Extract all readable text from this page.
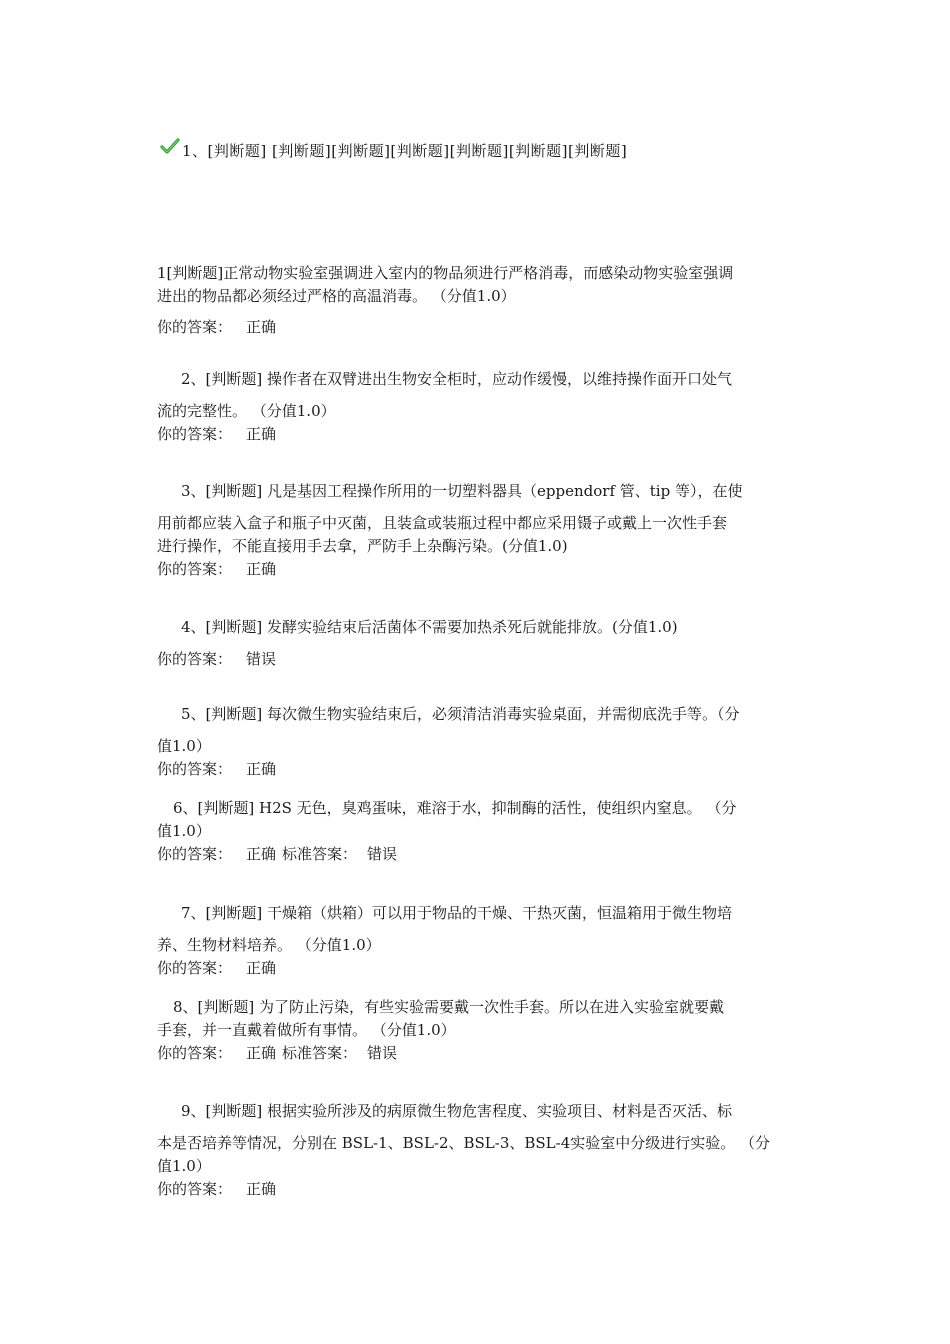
1、[判断题] [判断题][判断题][判断题][判断题][判断题][判断题]
1[判断题]正常动物实验室强调进入室内的物品须进行严格消毒，而感染动物实验室强调
进出的物品都必须经过严格的高温消毒。 （分值1.0）
你的答案： 正确
2、[判断题] 操作者在双臂进出生物安全柜时，应动作缓慢，以维持操作面开口处气
流的完整性。 （分值1.0）
你的答案： 正确
3、[判断题] 凡是基因工程操作所用的一切塑料器具（eppendorf 管、tip 等），在使
用前都应装入盒子和瓶子中灭菌，且装盒或装瓶过程中都应采用镊子或戴上一次性手套
进行操作，不能直接用手去拿，严防手上杂酶污染。(分值1.0)
你的答案： 正确
4、[判断题] 发酵实验结束后活菌体不需要加热杀死后就能排放。(分值1.0)
你的答案： 错误
5、[判断题] 每次微生物实验结束后，必须清洁消毒实验桌面，并需彻底洗手等。（分
值1.0）
你的答案： 正确
6、[判断题] H2S 无色，臭鸡蛋味，难溶于水，抑制酶的活性，使组织内窒息。 （分
值1.0）
你的答案： 正确 标准答案： 错误
7、[判断题] 干燥箱（烘箱）可以用于物品的干燥、干热灭菌，恒温箱用于微生物培
养、生物材料培养。 （分值1.0）
你的答案： 正确
8、[判断题] 为了防止污染，有些实验需要戴一次性手套。所以在进入实验室就要戴
手套，并一直戴着做所有事情。 （分值1.0）
你的答案： 正确 标准答案： 错误
9、[判断题] 根据实验所涉及的病原微生物危害程度、实验项目、材料是否灭活、标
本是否培养等情况，分别在 BSL-1、BSL-2、BSL-3、BSL-4实验室中分级进行实验。 （分
值1.0）
你的答案： 正确
